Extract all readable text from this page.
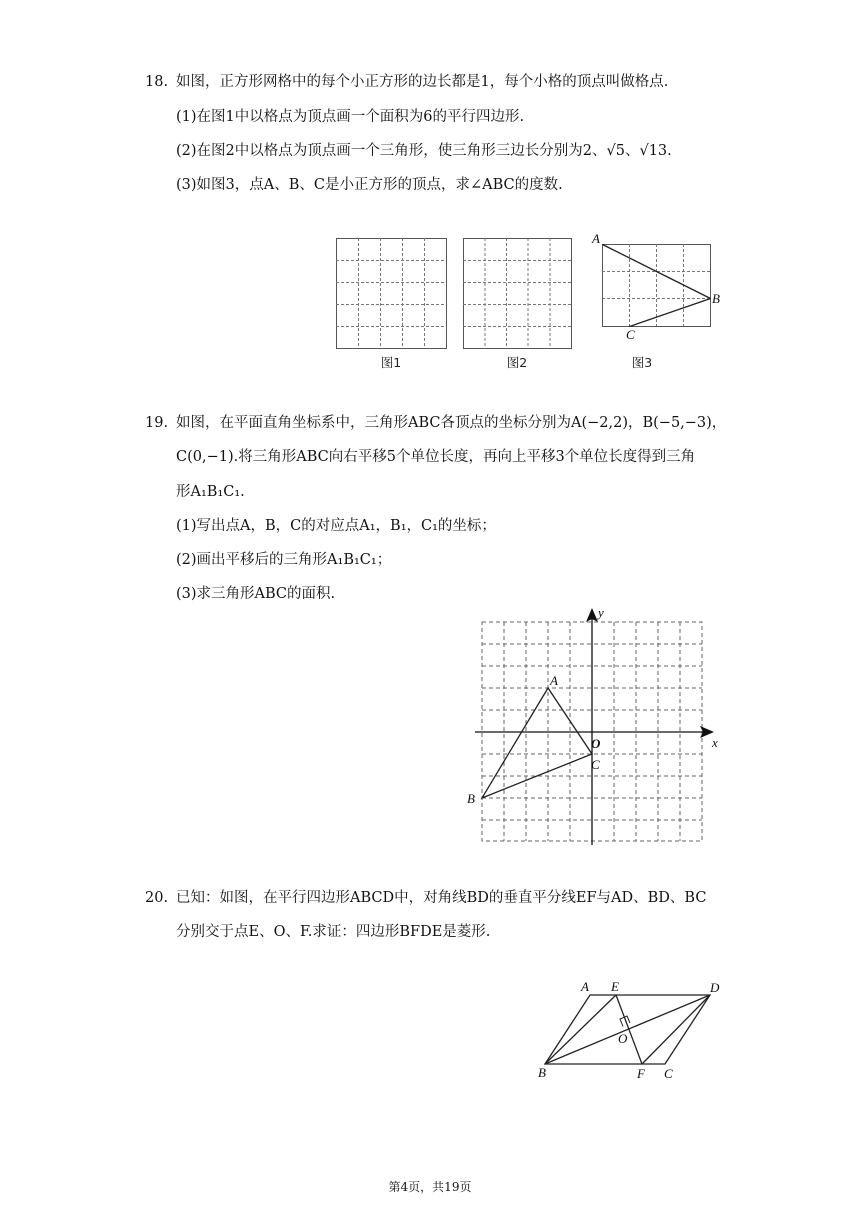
18. 如图，正方形网格中的每个小正方形的边长都是1，每个小格的顶点叫做格点.
(1)在图1中以格点为顶点画一个面积为6的平行四边形.
(2)在图2中以格点为顶点画一个三角形，使三角形三边长分别为2、√5、√13.
(3)如图3，点A、B、C是小正方形的顶点，求∠ABC的度数.
图1	图2
A
B
C
图3
19. 如图，在平面直角坐标系中，三角形ABC各顶点的坐标分别为A(−2,2)，B(−5,−3)，
C(0,−1).将三角形ABC向右平移5个单位长度，再向上平移3个单位长度得到三角
形A₁B₁C₁.
(1)写出点A，B，C的对应点A₁，B₁，C₁的坐标；
(2)画出平移后的三角形A₁B₁C₁；
(3)求三角形ABC的面积.
y
x
O
A
B
C
20. 已知：如图，在平行四边形ABCD中，对角线BD的垂直平分线EF与AD、BD、BC
分别交于点E、O、F.求证：四边形BFDE是菱形.
A E	D
O
B	F C
第4页，共19页
